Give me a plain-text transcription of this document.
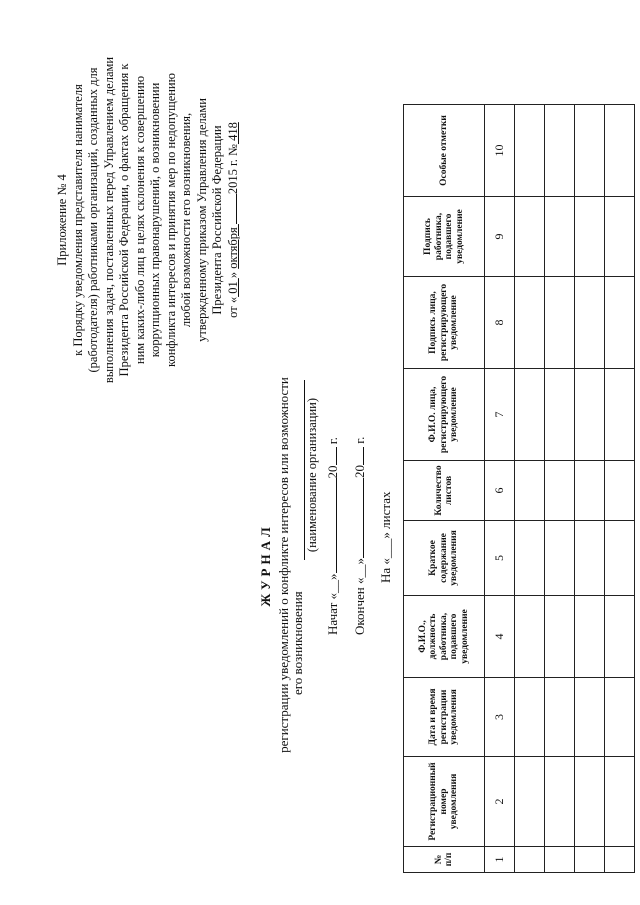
Приложение № 4 к Порядку уведомления представителя нанимателя (работодателя) работниками организаций, созданных для выполнения задач, поставленных перед Управлением делами Президента Российской Федерации, о фактах обращения к ним каких-либо лиц в целях склонения к совершению коррупционных правонарушений, о возникновении конфликта интересов и принятия мер по недопущению любой возможности его возникновения, утвержденному приказом Управления делами Президента Российской Федерации от « 01 » октября 2015 г. № 418
ЖУРНАЛ регистрации уведомлений о конфликте интересов или возможности его возникновения
(наименование организации)
Начат «__»20 г.
Окончен «__»20 г.
На «___» листах
№ п/п	Регистрационный номер уведомления	Дата и время регистрации уведомления	Ф.И.О., должность работника, подавшего уведомление	Краткое содержание уведомления	Количество листов	Ф.И.О. лица, регистрирующего уведомление	Подпись лица, регистрирующего уведомление	Подпись работника, подавшего уведомление	Особые отметки
1	2	3	4	5	6	7	8	9	10
